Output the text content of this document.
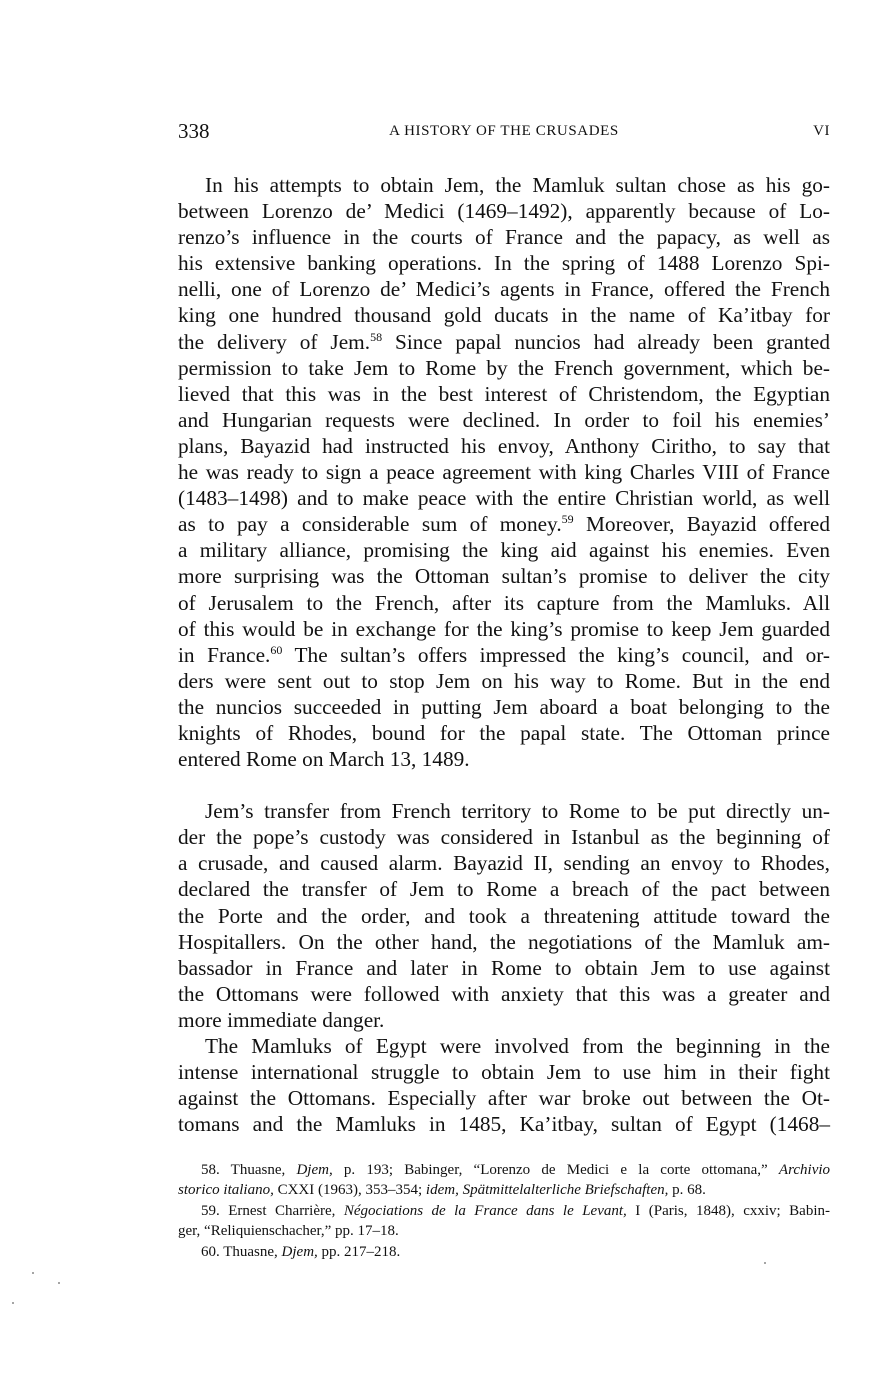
338	A HISTORY OF THE CRUSADES	VI
In his attempts to obtain Jem, the Mamluk sultan chose as his go-
between Lorenzo de’ Medici (1469–1492), apparently because of Lo-
renzo’s influence in the courts of France and the papacy, as well as
his extensive banking operations. In the spring of 1488 Lorenzo Spi-
nelli, one of Lorenzo de’ Medici’s agents in France, offered the French
king one hundred thousand gold ducats in the name of Ka’itbay for
the delivery of Jem.$^{58}$ Since papal nuncios had already been granted
permission to take Jem to Rome by the French government, which be-
lieved that this was in the best interest of Christendom, the Egyptian
and Hungarian requests were declined. In order to foil his enemies’
plans, Bayazid had instructed his envoy, Anthony Ciritho, to say that
he was ready to sign a peace agreement with king Charles VIII of France
(1483–1498) and to make peace with the entire Christian world, as well
as to pay a considerable sum of money.$^{59}$ Moreover, Bayazid offered
a military alliance, promising the king aid against his enemies. Even
more surprising was the Ottoman sultan’s promise to deliver the city
of Jerusalem to the French, after its capture from the Mamluks. All
of this would be in exchange for the king’s promise to keep Jem guarded
in France.$^{60}$ The sultan’s offers impressed the king’s council, and or-
ders were sent out to stop Jem on his way to Rome. But in the end
the nuncios succeeded in putting Jem aboard a boat belonging to the
knights of Rhodes, bound for the papal state. The Ottoman prince
entered Rome on March 13, 1489.
Jem’s transfer from French territory to Rome to be put directly un-
der the pope’s custody was considered in Istanbul as the beginning of
a crusade, and caused alarm. Bayazid II, sending an envoy to Rhodes,
declared the transfer of Jem to Rome a breach of the pact between
the Porte and the order, and took a threatening attitude toward the
Hospitallers. On the other hand, the negotiations of the Mamluk am-
bassador in France and later in Rome to obtain Jem to use against
the Ottomans were followed with anxiety that this was a greater and
more immediate danger.
The Mamluks of Egypt were involved from the beginning in the
intense international struggle to obtain Jem to use him in their fight
against the Ottomans. Especially after war broke out between the Ot-
tomans and the Mamluks in 1485, Ka’itbay, sultan of Egypt (1468–
58. Thuasne, Djem, p. 193; Babinger, “Lorenzo de Medici e la corte ottomana,” Archivio
storico italiano, CXXI (1963), 353–354; idem, Spätmittelalterliche Briefschaften, p. 68.
59. Ernest Charrière, Négociations de la France dans le Levant, I (Paris, 1848), cxxiv; Babin-
ger, “Reliquienschacher,” pp. 17–18.
60. Thuasne, Djem, pp. 217–218.
